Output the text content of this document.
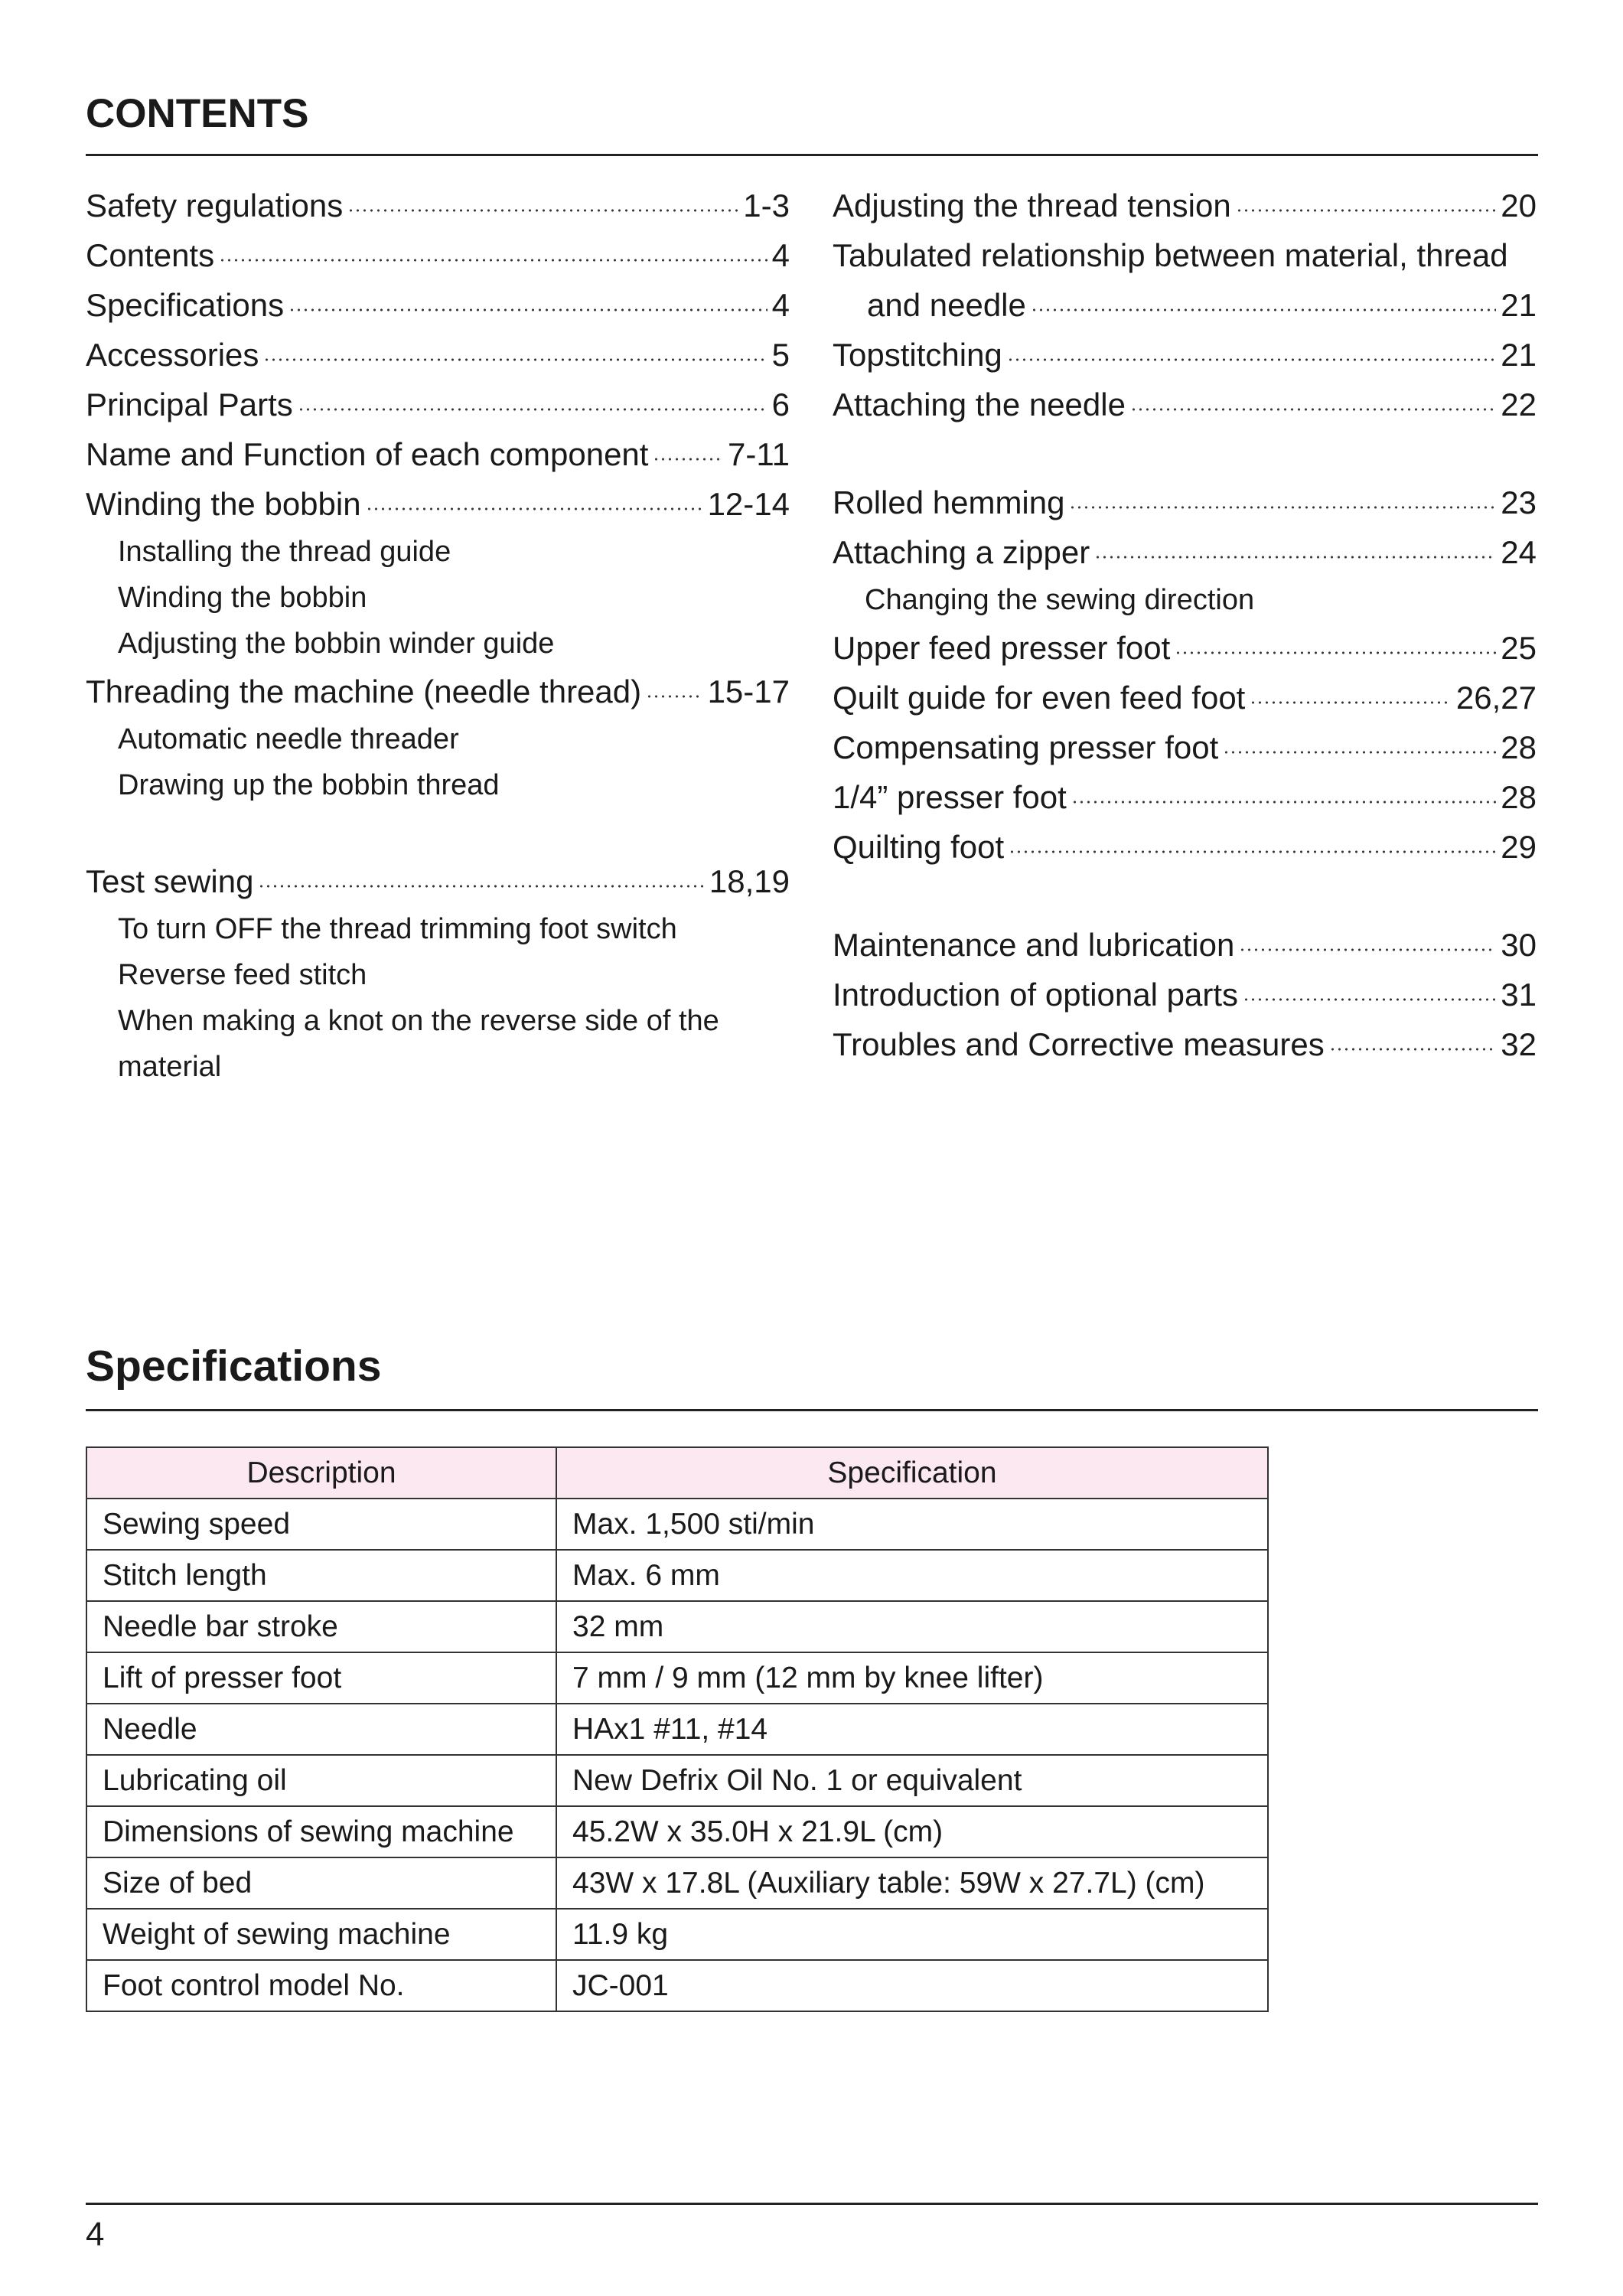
CONTENTS
Safety regulations	1-3
Contents	4
Specifications	4
Accessories	5
Principal Parts	6
Name and Function of each component 7-11
Winding the bobbin	12-14
Installing the thread guide
Winding the bobbin
Adjusting the bobbin winder guide
Threading the machine (needle thread) 15-17
Automatic needle threader
Drawing up the bobbin thread
Test sewing	18,19
To turn OFF the thread trimming foot switch
Reverse feed stitch
When making a knot on the reverse side of the
material
Adjusting the thread tension	20
Tabulated relationship between material, thread
and needle	21
Topstitching	21
Attaching the needle	22
Rolled hemming	23
Attaching a zipper	24
Changing the sewing direction
Upper feed presser foot	25
Quilt guide for even feed foot	26,27
Compensating presser foot	28
1/4” presser foot	28
Quilting foot	29
Maintenance and lubrication	30
Introduction of optional parts	31
Troubles and Corrective measures	32
Specifications
Description	Specification
Sewing speed	Max. 1,500 sti/min
Stitch length	Max. 6 mm
Needle bar stroke	32 mm
Lift of presser foot	7 mm / 9 mm (12 mm by knee lifter)
Needle	HAx1 #11, #14
Lubricating oil	New Defrix Oil No. 1 or equivalent
Dimensions of sewing machine	45.2W x 35.0H x 21.9L (cm)
Size of bed	43W x 17.8L (Auxiliary table: 59W x 27.7L) (cm)
Weight of sewing machine	11.9 kg
Foot control model No.	JC-001
4
